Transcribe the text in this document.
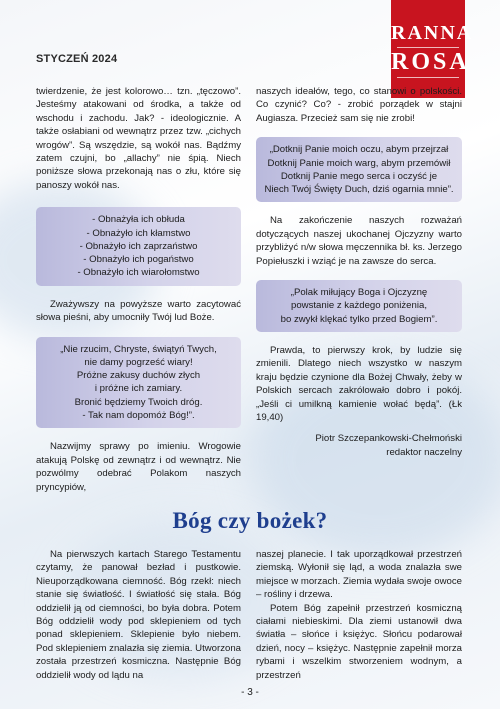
STYCZEŃ 2024
RANNA
ROSA

twierdzenie, że jest kolorowo… tzn. „tęczowo”. Jesteśmy atakowani od środka, a także od wschodu i zachodu. Jak? - ideologicznie. A także osłabiani od wewnątrz przez tzw. „cichych wrogów”. Są wszędzie, są wokół nas. Bądźmy zatem czujni, bo „allachy” nie śpią. Niech poniższe słowa przekonają nas o złu, które się panoszy wokół nas.

- Obnażyła ich obłuda
- Obnażyło ich kłamstwo
- Obnażyło ich zaprzaństwo
- Obnażyło ich pogaństwo
- Obnażyło ich wiarołomstwo

Zważywszy na powyższe warto zacytować słowa pieśni, aby umocniły Twój lud Boże.

„Nie rzucim, Chryste, świątyń Twych,
nie damy pogrześć wiary!
Próżne zakusy duchów złych
i próżne ich zamiary.
Bronić będziemy Twoich dróg.
- Tak nam dopomóż Bóg!”.

Nazwijmy sprawy po imieniu. Wrogowie atakują Polskę od zewnątrz i od wewnątrz. Nie pozwólmy odebrać Polakom naszych pryncypiów,

naszych ideałów, tego, co stanowi o polskości. Co czynić? Co? - zrobić porządek w stajni Augiasza. Przecież sam się nie zrobi!

„Dotknij Panie moich oczu, abym przejrzał
Dotknij Panie moich warg, abym przemówił
Dotknij Panie mego serca i oczyść je
Niech Twój Święty Duch, dziś ogarnia mnie”.

Na zakończenie naszych rozważań dotyczących naszej ukochanej Ojczyzny warto przybliżyć n/w słowa męczennika bł. ks. Jerzego Popiełuszki i wziąć je na zawsze do serca.

„Polak miłujący Boga i Ojczyznę
powstanie z każdego poniżenia,
bo zwykł klękać tylko przed Bogiem”.

Prawda, to pierwszy krok, by ludzie się zmienili. Dlatego niech wszystko w naszym kraju będzie czynione dla Bożej Chwały, żeby w Polskich sercach zakrólowało dobro i pokój. „Jeśli ci umilkną kamienie wołać będą”. (Łk 19,40)

Piotr Szczepankowski-Chełmoński
redaktor naczelny
Bóg czy bożek?

Na pierwszych kartach Starego Testamentu czytamy, że panował bezład i pustkowie. Nieuporządkowana ciemność. Bóg rzekł: niech stanie się światłość. I światłość się stała. Bóg oddzielił ją od ciemności, bo była dobra. Potem Bóg oddzielił wody pod sklepieniem od tych ponad sklepieniem. Sklepienie było niebem. Pod sklepieniem znalazła się ziemia. Utworzona została przestrzeń kosmiczna. Następnie Bóg oddzielił wody od lądu na

naszej planecie. I tak uporządkował przestrzeń ziemską. Wyłonił się ląd, a woda znalazła swe miejsce w morzach. Ziemia wydała swoje owoce – rośliny i drzewa.

Potem Bóg zapełnił przestrzeń kosmiczną ciałami niebieskimi. Dla ziemi ustanowił dwa światła – słońce i księżyc. Słońcu podarował dzień, nocy – księżyc. Następnie zapełnił morza rybami i wszelkim stworzeniem wodnym, a przestrzeń

- 3 -
